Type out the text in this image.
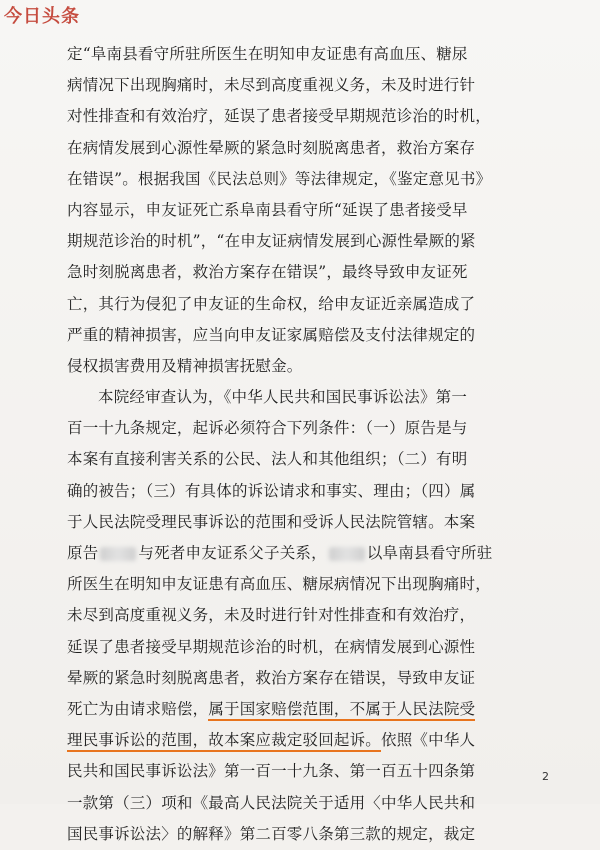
今日头条
定“阜南县看守所驻所医生在明知申友证患有高血压、糖尿
病情况下出现胸痛时，未尽到高度重视义务，未及时进行针
对性排查和有效治疗，延误了患者接受早期规范诊治的时机，
在病情发展到心源性晕厥的紧急时刻脱离患者，救治方案存
在错误”。根据我国《民法总则》等法律规定，《鉴定意见书》
内容显示，申友证死亡系阜南县看守所“延误了患者接受早
期规范诊治的时机”，“在申友证病情发展到心源性晕厥的紧
急时刻脱离患者，救治方案存在错误”，最终导致申友证死
亡，其行为侵犯了申友证的生命权，给申友证近亲属造成了
严重的精神损害，应当向申友证家属赔偿及支付法律规定的
侵权损害费用及精神损害抚慰金。
本院经审查认为，《中华人民共和国民事诉讼法》第一
百一十九条规定，起诉必须符合下列条件：（一）原告是与
本案有直接利害关系的公民、法人和其他组织；（二）有明
确的被告；（三）有具体的诉讼请求和事实、理由；（四）属
于人民法院受理民事诉讼的范围和受诉人民法院管辖。本案
原告	与死者申友证系父子关系，	以阜南县看守所驻
所医生在明知申友证患有高血压、糖尿病情况下出现胸痛时，
未尽到高度重视义务，未及时进行针对性排查和有效治疗，
延误了患者接受早期规范诊治的时机，在病情发展到心源性
晕厥的紧急时刻脱离患者，救治方案存在错误，导致申友证
死亡为由请求赔偿，属于国家赔偿范围，不属于人民法院受
理民事诉讼的范围，故本案应裁定驳回起诉。依照《中华人
民共和国民事诉讼法》第一百一十九条、第一百五十四条第
一款第（三）项和《最高人民法院关于适用〈中华人民共和
国民事诉讼法〉的解释》第二百零八条第三款的规定，裁定
2
